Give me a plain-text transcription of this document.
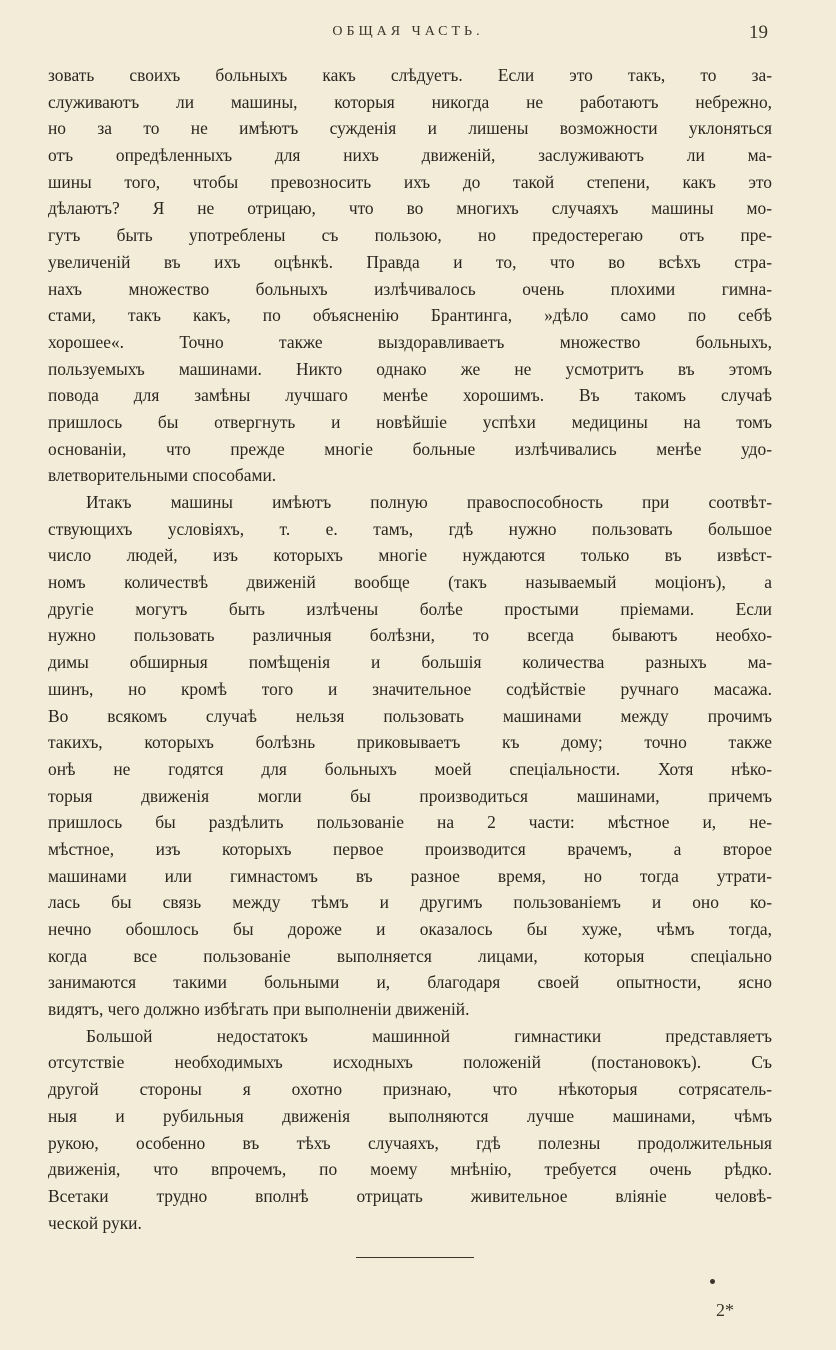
ОБЩАЯ ЧАСТЬ.	19
зовать своихъ больныхъ какъ слѣдуетъ. Если это такъ, то за-
служиваютъ ли машины, которыя никогда не работаютъ небрежно,
но за то не имѣютъ сужденія и лишены возможности уклоняться
отъ опредѣленныхъ для нихъ движеній, заслуживаютъ ли ма-
шины того, чтобы превозносить ихъ до такой степени, какъ это
дѣлаютъ? Я не отрицаю, что во многихъ случаяхъ машины мо-
гутъ быть употреблены съ пользою, но предостерегаю отъ пре-
увеличеній въ ихъ оцѣнкѣ. Правда и то, что во всѣхъ стра-
нахъ множество больныхъ излѣчивалось очень плохими гимна-
стами, такъ какъ, по объясненію Брантинга, »дѣло само по себѣ
хорошее«. Точно также выздоравливаетъ множество больныхъ,
пользуемыхъ машинами. Никто однако же не усмотритъ въ этомъ
повода для замѣны лучшаго менѣе хорошимъ. Въ такомъ случаѣ
пришлось бы отвергнуть и новѣйшіе успѣхи медицины на томъ
основаніи, что прежде многіе больные излѣчивались менѣе удо-
влетворительными способами.
Итакъ машины имѣютъ полную правоспособность при соотвѣт-
ствующихъ условіяхъ, т. е. тамъ, гдѣ нужно пользовать большое
число людей, изъ которыхъ многіе нуждаются только въ извѣст-
номъ количествѣ движеній вообще (такъ называемый моціонъ), а
другіе могутъ быть излѣчены болѣе простыми пріемами. Если
нужно пользовать различныя болѣзни, то всегда бываютъ необхо-
димы обширныя помѣщенія и большія количества разныхъ ма-
шинъ, но кромѣ того и значительное содѣйствіе ручнаго масажа.
Во всякомъ случаѣ нельзя пользовать машинами между прочимъ
такихъ, которыхъ болѣзнь приковываетъ къ дому; точно также
онѣ не годятся для больныхъ моей спеціальности. Хотя нѣко-
торыя движенія могли бы производиться машинами, причемъ
пришлось бы раздѣлить пользованіе на 2 части: мѣстное и, не-
мѣстное, изъ которыхъ первое производится врачемъ, а второе
машинами или гимнастомъ въ разное время, но тогда утрати-
лась бы связь между тѣмъ и другимъ пользованіемъ и оно ко-
нечно обошлось бы дороже и оказалось бы хуже, чѣмъ тогда,
когда все пользованіе выполняется лицами, которыя спеціально
занимаются такими больными и, благодаря своей опытности, ясно
видятъ, чего должно избѣгать при выполненіи движеній.
Большой недостатокъ машинной гимнастики представляетъ
отсутствіе необходимыхъ исходныхъ положеній (постановокъ). Съ
другой стороны я охотно признаю, что нѣкоторыя сотрясатель-
ныя и рубильныя движенія выполняются лучше машинами, чѣмъ
рукою, особенно въ тѣхъ случаяхъ, гдѣ полезны продолжительныя
движенія, что впрочемъ, по моему мнѣнію, требуется очень рѣдко.
Всетаки трудно вполнѣ отрицать живительное вліяніе человѣ-
ческой руки.
2*
